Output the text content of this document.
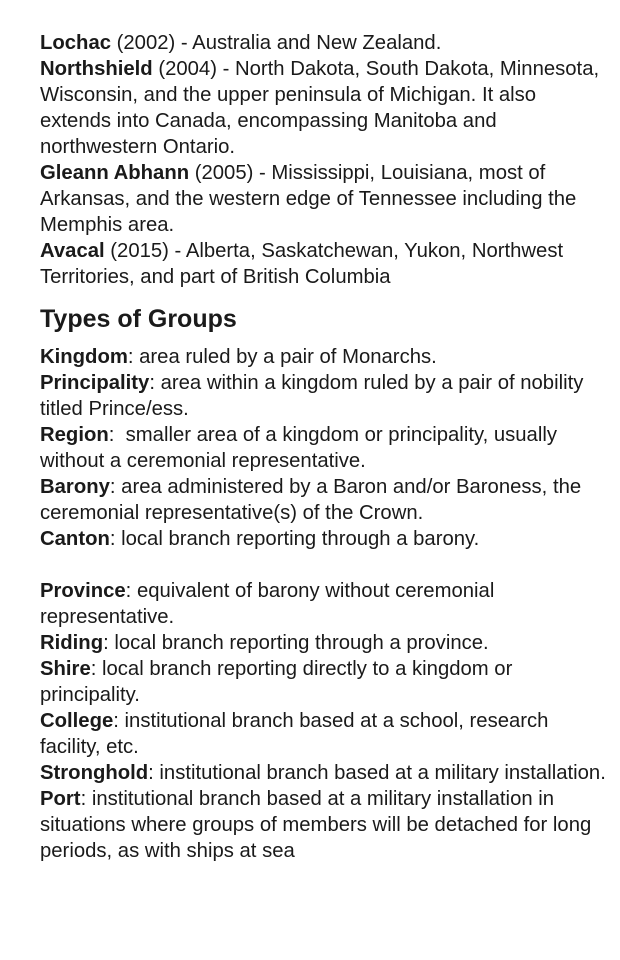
Lochac (2002) - Australia and New Zealand.

Northshield (2004) - North Dakota, South Dakota, Minnesota, Wisconsin, and the upper peninsula of Michigan. It also extends into Canada, encompassing Manitoba and northwestern Ontario.

Gleann Abhann (2005) - Mississippi, Louisiana, most of Arkansas, and the western edge of Tennessee including the Memphis area.

Avacal (2015) - Alberta, Saskatchewan, Yukon, Northwest Territories, and part of British Columbia

Types of Groups

Kingdom: area ruled by a pair of Monarchs.

Principality: area within a kingdom ruled by a pair of nobility titled Prince/ess.

Region:  smaller area of a kingdom or principality, usually without a ceremonial representative.

Barony: area administered by a Baron and/or Baroness, the ceremonial representative(s) of the Crown.

Canton: local branch reporting through a barony.

Province: equivalent of barony without ceremonial representative.

Riding: local branch reporting through a province.

Shire: local branch reporting directly to a kingdom or principality.

College: institutional branch based at a school, research facility, etc.

Stronghold: institutional branch based at a military installation.

Port: institutional branch based at a military installation in situations where groups of members will be detached for long periods, as with ships at sea
